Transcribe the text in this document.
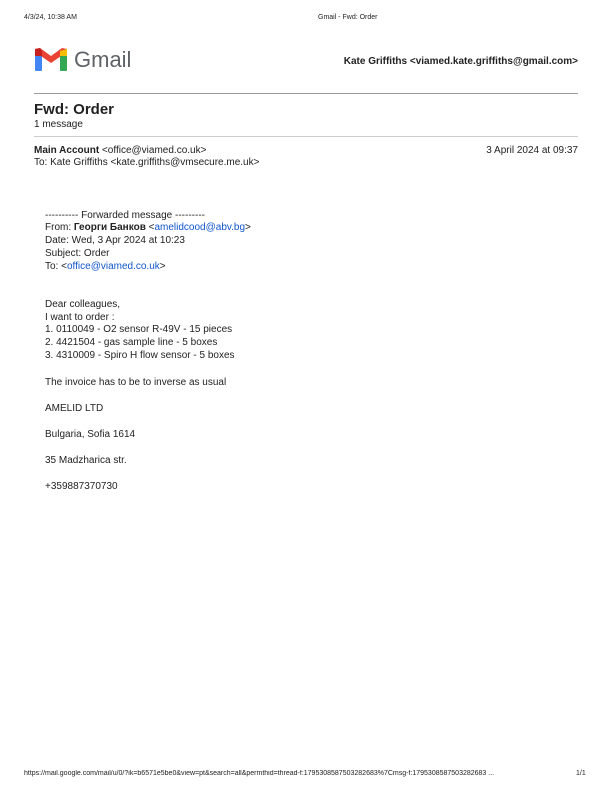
4/3/24, 10:38 AM	Gmail - Fwd: Order
Gmail	Kate Griffiths <viamed.kate.griffiths@gmail.com>
Fwd: Order
1 message
Main Account <office@viamed.co.uk>	3 April 2024 at 09:37
To: Kate Griffiths <kate.griffiths@vmsecure.me.uk>
---------- Forwarded message ---------
From: Георги Банков <amelidcood@abv.bg>
Date: Wed, 3 Apr 2024 at 10:23
Subject: Order
To: <office@viamed.co.uk>
Dear colleagues,
I want to order :
1. 0110049 - O2 sensor R-49V - 15 pieces
2. 4421504 - gas sample line - 5 boxes
3. 4310009 - Spiro H flow sensor - 5 boxes
The invoice has to be to inverse as usual
AMELID LTD
Bulgaria, Sofia 1614
35 Madzharica str.
+359887370730
https://mail.google.com/mail/u/0/?ik=b6571e5be0&view=pt&search=all&permthid=thread-f:1795308587503282683%7Cmsg-f:17953085875032826​83 ...	1/1
